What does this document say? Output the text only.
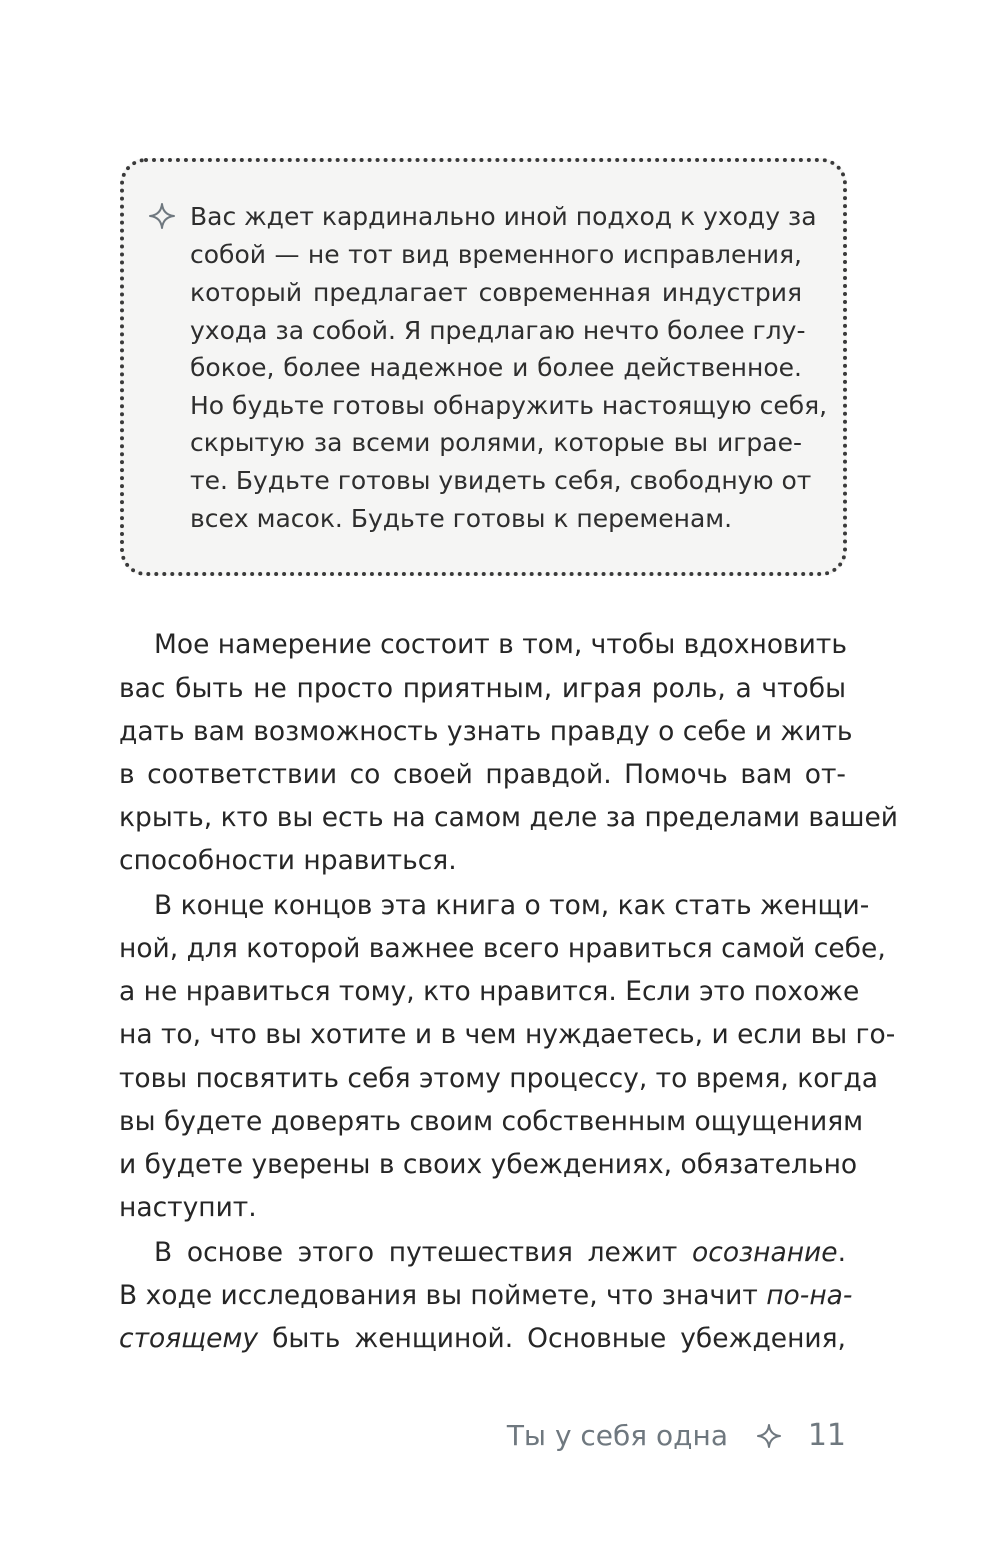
Вас ждет кардинально иной подход к уходу за
собой — не тот вид временного исправления,
который предлагает современная индустрия
ухода за собой. Я предлагаю нечто более глу-
бокое, более надежное и более действенное.
Но будьте готовы обнаружить настоящую себя,
скрытую за всеми ролями, которые вы играе-
те. Будьте готовы увидеть себя, свободную от
всех масок. Будьте готовы к переменам.
Мое намерение состоит в том, чтобы вдохновить
вас быть не просто приятным, играя роль, а чтобы
дать вам возможность узнать правду о себе и жить
в соответствии со своей правдой. Помочь вам от-
крыть, кто вы есть на самом деле за пределами вашей
способности нравиться.
В конце концов эта книга о том, как стать женщи-
ной, для которой важнее всего нравиться самой себе,
а не нравиться тому, кто нравится. Если это похоже
на то, что вы хотите и в чем нуждаетесь, и если вы го-
товы посвятить себя этому процессу, то время, когда
вы будете доверять своим собственным ощущениям
и будете уверены в своих убеждениях, обязательно
наступит.
В основе этого путешествия лежит осознание.
В ходе исследования вы поймете, что значит по-на-
стоящему быть женщиной. Основные убеждения,
Ты у себя одна	11
